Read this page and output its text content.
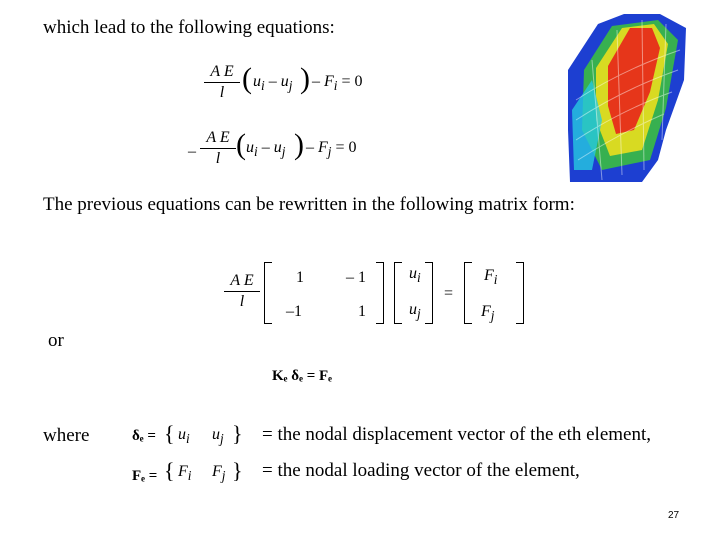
which lead to the following equations:
A E
l ( $u_i - u_j$ ) – $F_i = 0$
–
A E
l ( $u_i - u_j$ ) – $F_j = 0$
The previous equations can be rewritten in the following matrix form:
A E
l
1	– 1
–1	1
$u_i$
$u_j$
=
$F_i$
$F_j$
or
Kₑ δₑ = Fₑ
where	δₑ = { $u_i$ $u_j$ } = the nodal displacement vector of the eth element,
Fₑ = { $F_i$ $F_j$ } = the nodal loading vector of the element,
27
